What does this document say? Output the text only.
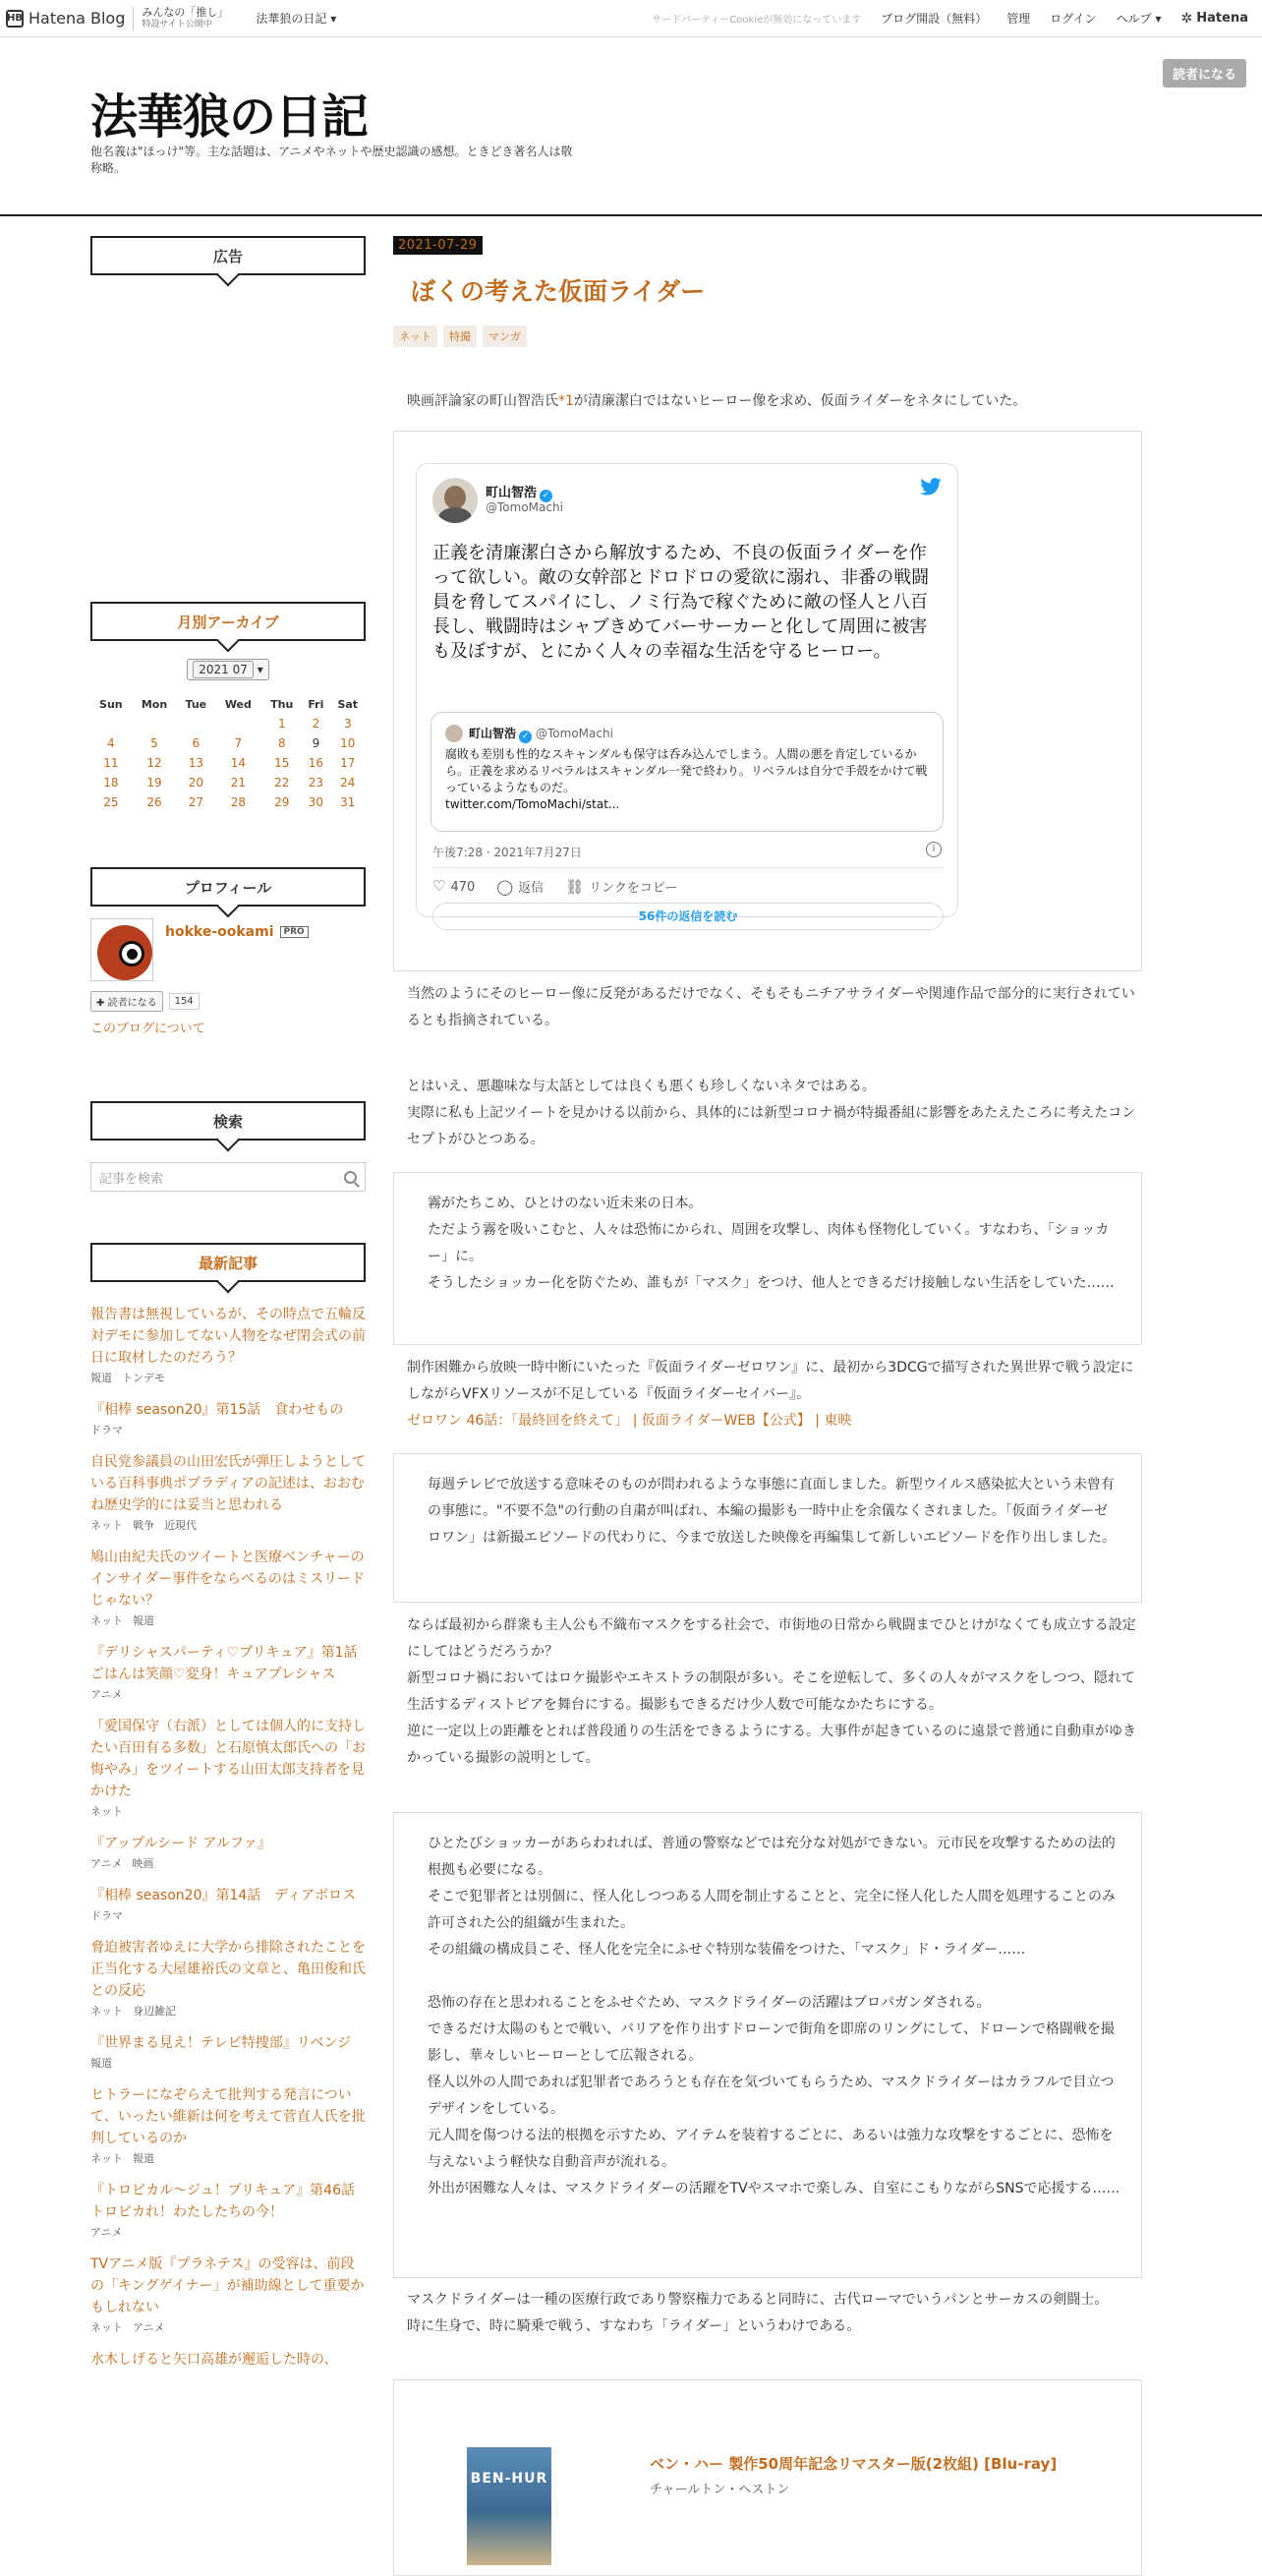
HB Hatena Blog みんなの「推し」
特設サイト公開中	法華狼の日記 ▾	サードパーティーCookieが無効になっています ブログ開設（無料） 管理 ログイン ヘルプ ▾ ✲ Hatena
法華狼の日記
他名義は"ほっけ"等。主な話題は、アニメやネットや歴史認識の感想。ときどき著名人は敬称略。
読者になる
広告
月別アーカイブ
2021 07 ▾
Sun	Mon	Tue	Wed	Thu	Fri	Sat
				1	2	3
4	5	6	7	8	9	10
11	12	13	14	15	16	17
18	19	20	21	22	23	24
25	26	27	28	29	30	31
プロフィール
hokke-ookami PRO
✚ 読者になる	154
このブログについて
検索
記事を検索
最新記事
報告書は無視しているが、その時点で五輪反対デモに参加してない人物をなぜ閉会式の前日に取材したのだろう？
報道 トンデモ
『相棒 season20』第15話　食わせもの
ドラマ
自民党参議員の山田宏氏が弾圧しようとしている百科事典ポプラディアの記述は、おおむね歴史学的には妥当と思われる
ネット 戦争 近現代
鳩山由紀夫氏のツイートと医療ベンチャーのインサイダー事件をならべるのはミスリードじゃない？
ネット 報道
『デリシャスパーティ♡プリキュア』第1話　ごはんは笑顔♡変身！キュアプレシャス
アニメ
「愛国保守（右派）としては個人的に支持したい百田有る多数」と石原慎太郎氏への「お悔やみ」をツイートする山田太郎支持者を見かけた
ネット
『アップルシード アルファ』
アニメ 映画
『相棒 season20』第14話　ディアボロス
ドラマ
脅迫被害者ゆえに大学から排除されたことを正当化する大屋雄裕氏の文章と、亀田俊和氏との反応
ネット 身辺雑記
『世界まる見え！テレビ特捜部』リベンジ
報道
ヒトラーになぞらえて批判する発言について、いったい維新は何を考えて菅直人氏を批判しているのか
ネット 報道
『トロピカル～ジュ！プリキュア』第46話　トロピカれ！わたしたちの今！
アニメ
TVアニメ版『プラネテス』の受容は、前段の「キングゲイナー」が補助線として重要かもしれない
ネット アニメ
水木しげると矢口高雄が邂逅した時の、
2021-07-29
ぼくの考えた仮面ライダー
ネット	特撮	マンガ
映画評論家の町山智浩氏*1が清廉潔白ではないヒーロー像を求め、仮面ライダーをネタにしていた。
町山智浩 ✓
@TomoMachi
正義を清廉潔白さから解放するため、不良の仮面ライダーを作って欲しい。敵の女幹部とドロドロの愛欲に溺れ、非番の戦闘員を脅してスパイにし、ノミ行為で稼ぐために敵の怪人と八百長し、戦闘時はシャブきめてバーサーカーと化して周囲に被害も及ぼすが、とにかく人々の幸福な生活を守るヒーロー。
町山智浩 ✓ @TomoMachi
腐敗も差別も性的なスキャンダルも保守は呑み込んでしまう。人間の悪を肯定しているから。正義を求めるリベラルはスキャンダル一発で終わり。リベラルは自分で手殻をかけて戦っているようなものだ。
twitter.com/TomoMachi/stat...
午後7:28 · 2021年7月27日	i
♡ 470 ◯ 返信 ⛓ リンクをコピー
56件の返信を読む
当然のようにそのヒーロー像に反発があるだけでなく、そもそもニチアサライダーや関連作品で部分的に実行されているとも指摘されている。
とはいえ、悪趣味な与太話としては良くも悪くも珍しくないネタではある。
実際に私も上記ツイートを見かける以前から、具体的には新型コロナ禍が特撮番組に影響をあたえたころに考えたコンセプトがひとつある。
霧がたちこめ、ひとけのない近未来の日本。
ただよう霧を吸いこむと、人々は恐怖にかられ、周囲を攻撃し、肉体も怪物化していく。すなわち、「ショッカー」に。
そうしたショッカー化を防ぐため、誰もが「マスク」をつけ、他人とできるだけ接触しない生活をしていた……
制作困難から放映一時中断にいたった『仮面ライダーゼロワン』に、最初から3DCGで描写された異世界で戦う設定にしながらVFXリソースが不足している『仮面ライダーセイバー』。
ゼロワン 46話：「最終回を終えて」 | 仮面ライダーWEB【公式】 | 東映
毎週テレビで放送する意味そのものが問われるような事態に直面しました。新型ウイルス感染拡大という未曾有の事態に。"不要不急"の行動の自粛が叫ばれ、本編の撮影も一時中止を余儀なくされました。「仮面ライダーゼロワン」は新撮エピソードの代わりに、今まで放送した映像を再編集して新しいエピソードを作り出しました。
ならば最初から群衆も主人公も不織布マスクをする社会で、市街地の日常から戦闘までひとけがなくても成立する設定にしてはどうだろうか？
新型コロナ禍においてはロケ撮影やエキストラの制限が多い。そこを逆転して、多くの人々がマスクをしつつ、隠れて生活するディストピアを舞台にする。撮影もできるだけ少人数で可能なかたちにする。
逆に一定以上の距離をとれば普段通りの生活をできるようにする。大事件が起きているのに遠景で普通に自動車がゆきかっている撮影の説明として。
ひとたびショッカーがあらわれれば、普通の警察などでは充分な対処ができない。元市民を攻撃するための法的根拠も必要になる。
そこで犯罪者とは別個に、怪人化しつつある人間を制止することと、完全に怪人化した人間を処理することのみ許可された公的組織が生まれた。
その組織の構成員こそ、怪人化を完全にふせぐ特別な装備をつけた、「マスク」ド・ライダー……
恐怖の存在と思われることをふせぐため、マスクドライダーの活躍はプロパガンダされる。
できるだけ太陽のもとで戦い、バリアを作り出すドローンで街角を即席のリングにして、ドローンで格闘戦を撮影し、華々しいヒーローとして広報される。
怪人以外の人間であれば犯罪者であろうとも存在を気づいてもらうため、マスクドライダーはカラフルで目立つデザインをしている。
元人間を傷つける法的根拠を示すため、アイテムを装着するごとに、あるいは強力な攻撃をするごとに、恐怖を与えないよう軽快な自動音声が流れる。
外出が困難な人々は、マスクドライダーの活躍をTVやスマホで楽しみ、自室にこもりながらSNSで応援する……
マスクドライダーは一種の医療行政であり警察権力であると同時に、古代ローマでいうパンとサーカスの剣闘士。
時に生身で、時に騎乗で戦う、すなわち「ライダー」というわけである。
BEN-HUR
ベン・ハー 製作50周年記念リマスター版(2枚組) [Blu-ray]
チャールトン・ヘストン
